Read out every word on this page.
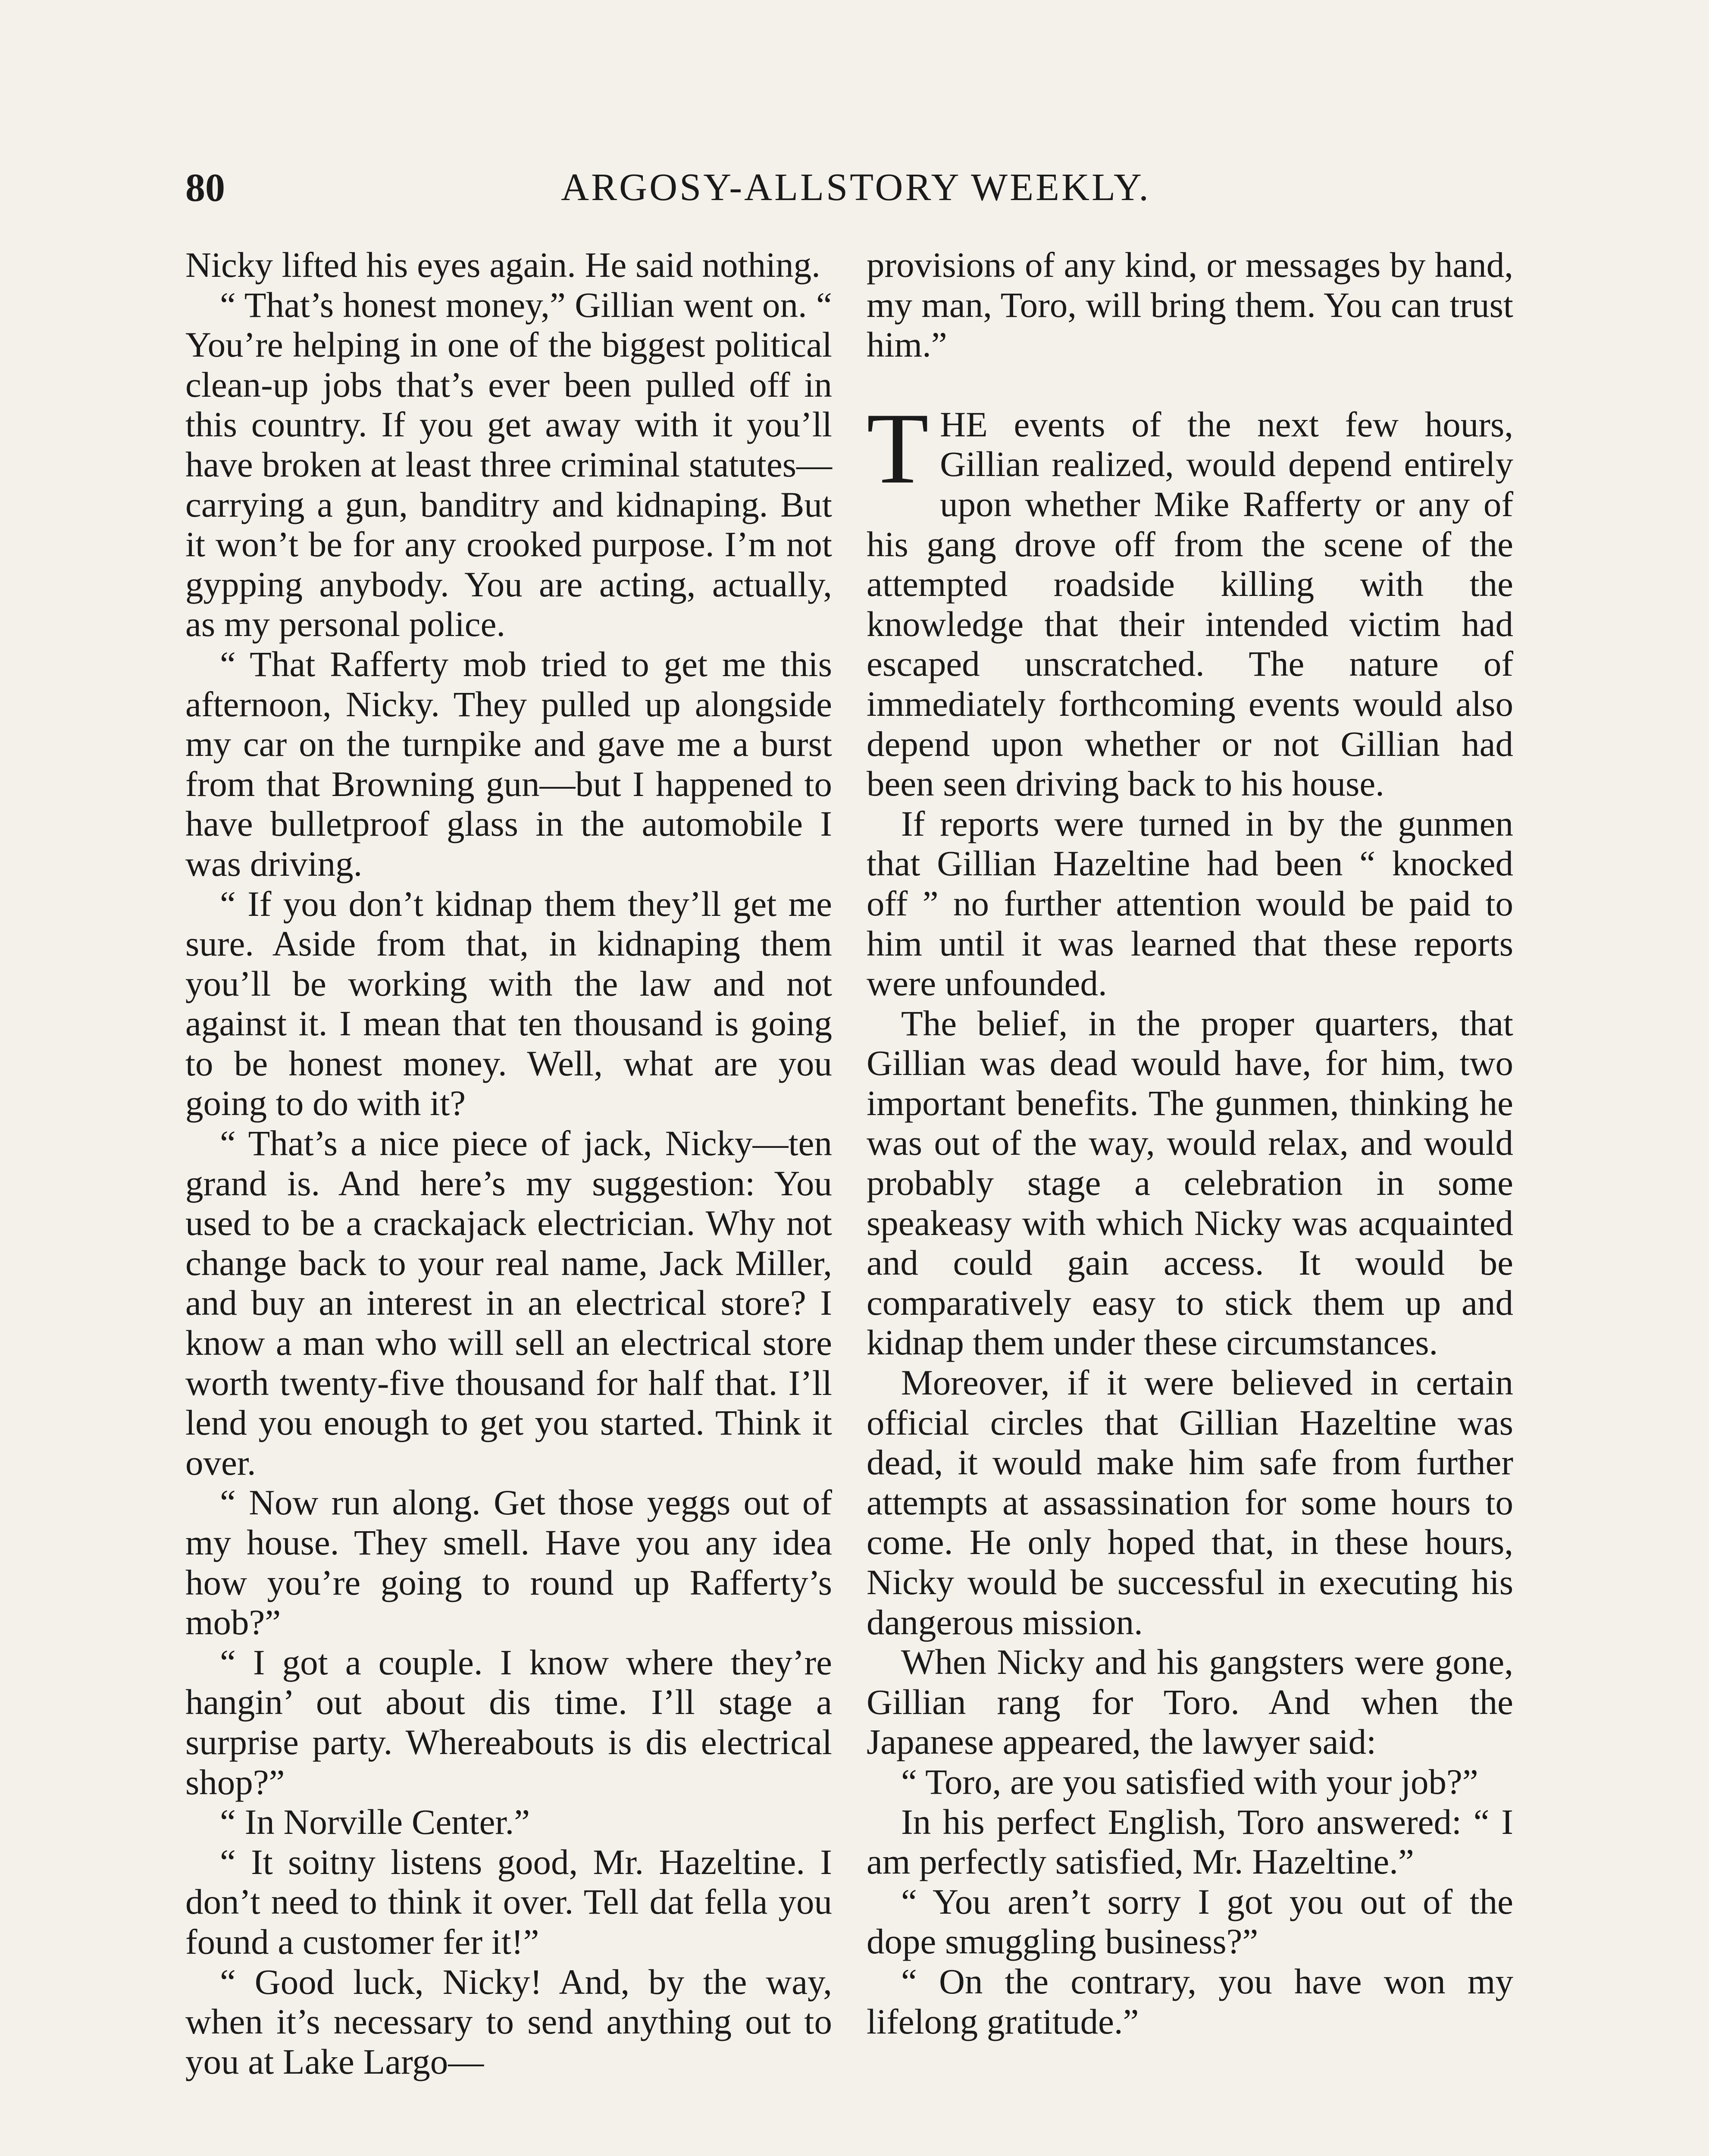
80	ARGOSY-ALLSTORY WEEKLY.

Nicky lifted his eyes again. He said nothing.

“ That’s honest money,” Gillian went on. “ You’re helping in one of the biggest political clean-up jobs that’s ever been pulled off in this country. If you get away with it you’ll have broken at least three criminal statutes—carrying a gun, banditry and kidnaping. But it won’t be for any crooked purpose. I’m not gypping anybody. You are acting, actually, as my personal police.

“ That Rafferty mob tried to get me this afternoon, Nicky. They pulled up alongside my car on the turnpike and gave me a burst from that Browning gun—but I happened to have bulletproof glass in the automobile I was driving.

“ If you don’t kidnap them they’ll get me sure. Aside from that, in kidnaping them you’ll be working with the law and not against it. I mean that ten thousand is going to be honest money. Well, what are you going to do with it?

“ That’s a nice piece of jack, Nicky—ten grand is. And here’s my suggestion: You used to be a crackajack electrician. Why not change back to your real name, Jack Miller, and buy an interest in an electrical store? I know a man who will sell an electrical store worth twenty-five thousand for half that. I’ll lend you enough to get you started. Think it over.

“ Now run along. Get those yeggs out of my house. They smell. Have you any idea how you’re going to round up Rafferty’s mob?”

“ I got a couple. I know where they’re hangin’ out about dis time. I’ll stage a surprise party. Whereabouts is dis electrical shop?”

“ In Norville Center.”

“ It soitny listens good, Mr. Hazeltine. I don’t need to think it over. Tell dat fella you found a customer fer it!”

“ Good luck, Nicky! And, by the way, when it’s necessary to send anything out to you at Lake Largo—

provisions of any kind, or messages by hand, my man, Toro, will bring them. You can trust him.”

THE events of the next few hours, Gillian realized, would depend entirely upon whether Mike Rafferty or any of his gang drove off from the scene of the attempted roadside killing with the knowledge that their intended victim had escaped unscratched. The nature of immediately forthcoming events would also depend upon whether or not Gillian had been seen driving back to his house.

If reports were turned in by the gunmen that Gillian Hazeltine had been “ knocked off ” no further attention would be paid to him until it was learned that these reports were unfounded.

The belief, in the proper quarters, that Gillian was dead would have, for him, two important benefits. The gunmen, thinking he was out of the way, would relax, and would probably stage a celebration in some speakeasy with which Nicky was acquainted and could gain access. It would be comparatively easy to stick them up and kidnap them under these circumstances.

Moreover, if it were believed in certain official circles that Gillian Hazeltine was dead, it would make him safe from further attempts at assassination for some hours to come. He only hoped that, in these hours, Nicky would be successful in executing his dangerous mission.

When Nicky and his gangsters were gone, Gillian rang for Toro. And when the Japanese appeared, the lawyer said:

“ Toro, are you satisfied with your job?”

In his perfect English, Toro answered: “ I am perfectly satisfied, Mr. Hazeltine.”

“ You aren’t sorry I got you out of the dope smuggling business?”

“ On the contrary, you have won my lifelong gratitude.”
